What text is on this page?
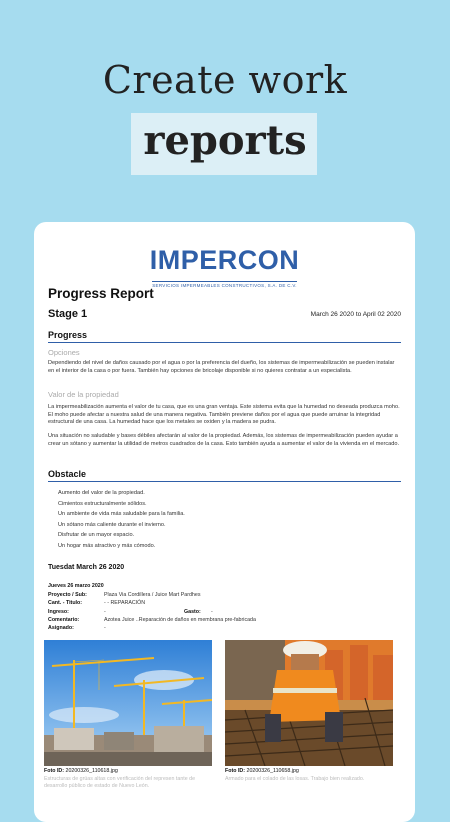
Create work
reports
IMPERCON
SERVICIOS IMPERMEABLES CONSTRUCTIVOS, S.A. DE C.V.
Progress Report
Stage 1	March 26 2020 to April 02 2020
Progress
Opciones
Dependiendo del nivel de daños causado por el agua o por la preferencia del dueño, los sistemas de impermeabilización se pueden instalar en el interior de la casa o por fuera. También hay opciones de bricolaje disponible si no quieres contratar a un especialista.
Valor de la propiedad
La impermeabilización aumenta el valor de tu casa, que es una gran ventaja. Este sistema evita que la humedad no deseada produzca moho. El moho puede afectar a nuestra salud de una manera negativa. También previene daños por el agua que puede arruinar la integridad estructural de una casa. La humedad hace que los metales se oxiden y la madera se pudra.
Una situación no saludable y bases débiles afectarán al valor de la propiedad. Además, los sistemas de impermeabilización pueden ayudar a crear un sótano y aumentar la utilidad de metros cuadrados de la casa. Esto también ayuda a aumentar el valor de la vivienda en el mercado.
Obstacle
Aumento del valor de la propiedad.
Cimientos estructuralmente sólidos.
Un ambiente de vida más saludable para la familia.
Un sótano más caliente durante el invierno.
Disfrutar de un mayor espacio.
Un hogar más atractivo y más cómodo.
Tuesdat March 26 2020
Jueves 26 marzo 2020
Proyecto / Sub:	Plaza Via Cordillera / Juice Mart Pardhes
Cant. - Titulo:	- - REPARACIÓN
Ingreso:	-	Gasto: -
Comentario:	Azotea Juice ..Reparación de daños en membrana pre-fabricada
Asignado:	-
Foto ID: 20200326_110618.jpg
Estructuras de grúas altas con verificación del represen tante de desarrollo público de estado de Nuevo León.
Foto ID: 20200326_110658.jpg
Armado para el colado de las losas. Trabajo bien realizado.
